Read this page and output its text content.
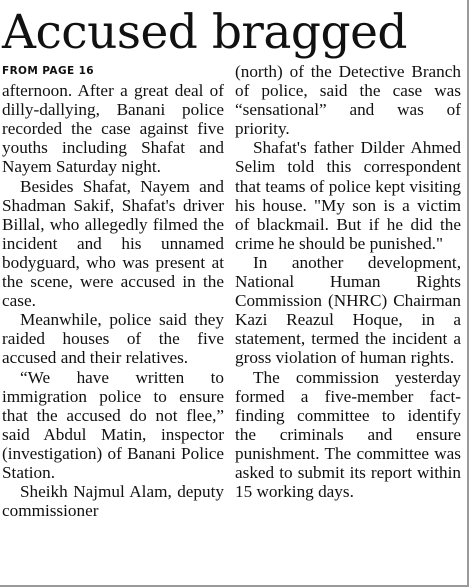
Accused bragged
FROM PAGE 16

afternoon. After a great deal of dilly-dallying, Banani police recorded the case against five youths including Shafat and Nayem Saturday night.

Besides Shafat, Nayem and Shadman Sakif, Shafat's driver Billal, who allegedly filmed the incident and his unnamed bodyguard, who was present at the scene, were accused in the case.

Meanwhile, police said they raided houses of the five accused and their relatives.

“We have written to immigration police to ensure that the accused do not flee,” said Abdul Matin, inspector (investigation) of Banani Police Station.

Sheikh Najmul Alam, deputy commissioner

(north) of the Detective Branch of police, said the case was “sensational” and was of priority.

Shafat's father Dilder Ahmed Selim told this correspondent that teams of police kept visiting his house. "My son is a victim of blackmail. But if he did the crime he should be punished."

In another development, National Human Rights Commission (NHRC) Chairman Kazi Reazul Hoque, in a statement, termed the incident a gross violation of human rights.

The commission yesterday formed a five-member fact-finding committee to identify the criminals and ensure punishment. The committee was asked to submit its report within 15 working days.
